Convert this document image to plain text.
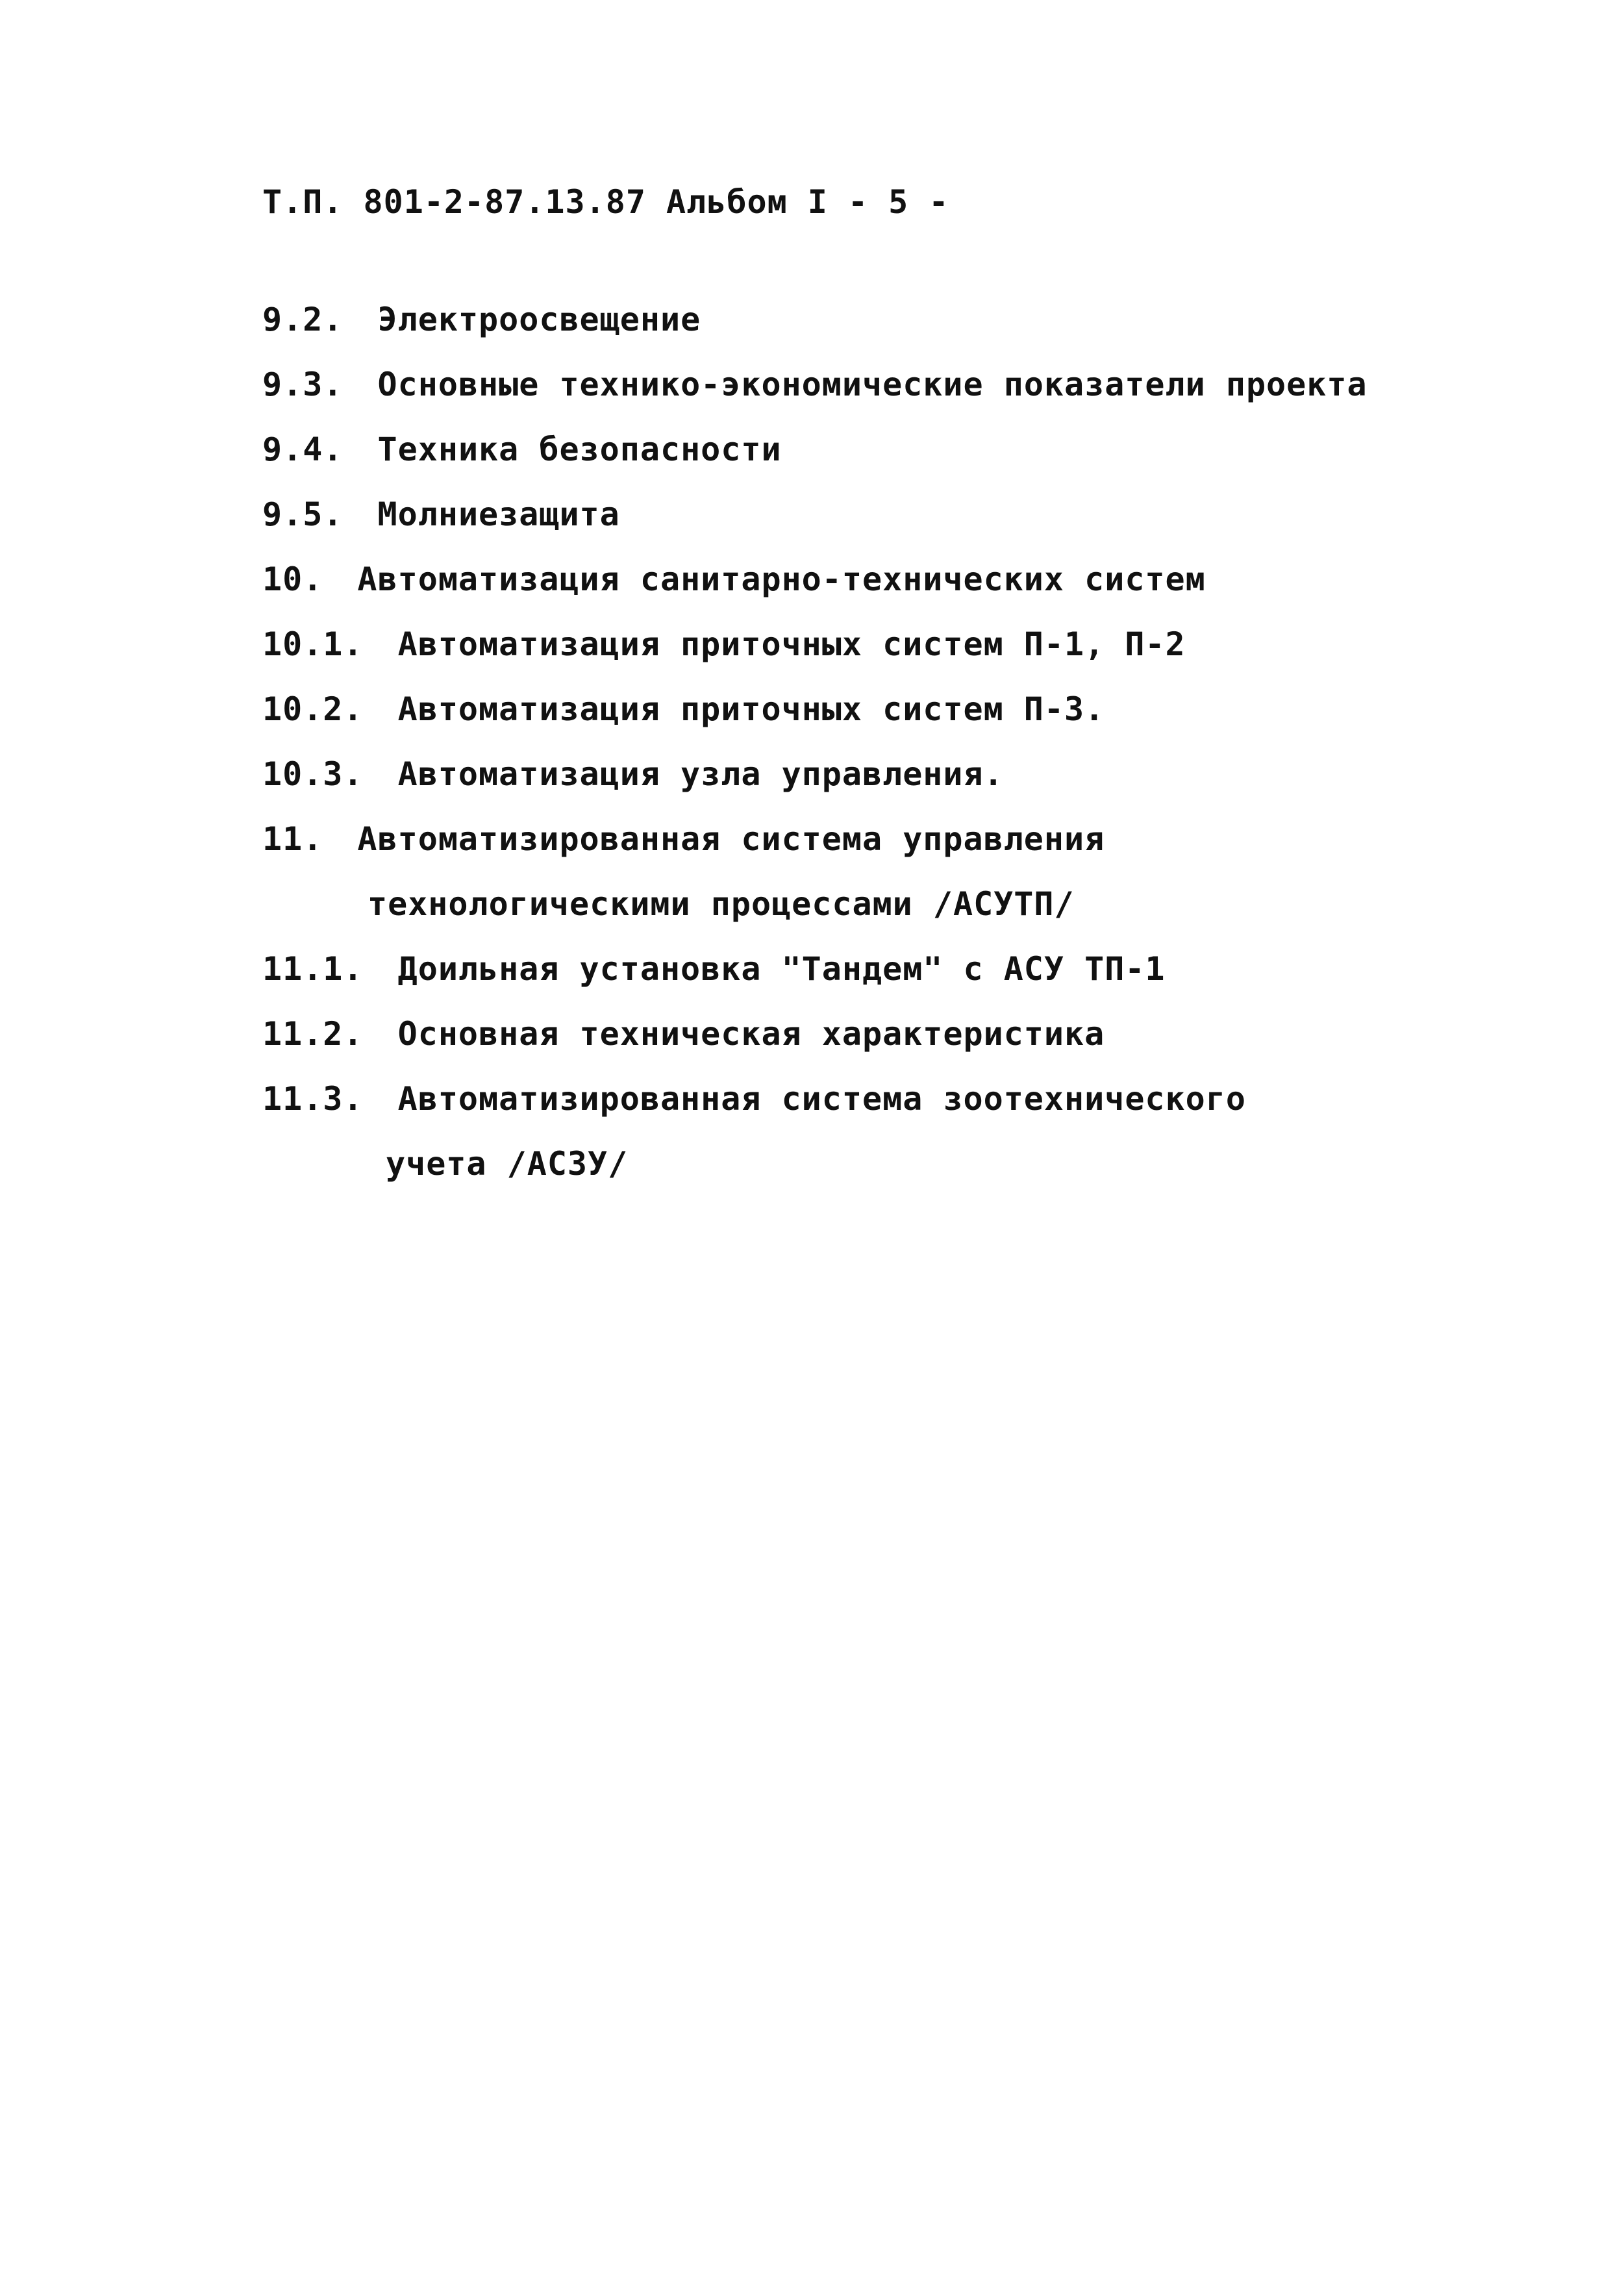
Т.П. 801-2-87.13.87 Альбом I - 5 -
9.2. Электроосвещение
9.3. Основные технико-экономические показатели проекта
9.4. Техника безопасности
9.5. Молниезащита
10. Автоматизация санитарно-технических систем
10.1. Автоматизация приточных систем П-1, П-2
10.2. Автоматизация приточных систем П-3.
10.3. Автоматизация узла управления.
11. Автоматизированная система управления
технологическими процессами /АСУТП/
11.1. Доильная установка "Тандем" с АСУ ТП-1
11.2. Основная техническая характеристика
11.3. Автоматизированная система зоотехнического
учета /АСЗУ/
